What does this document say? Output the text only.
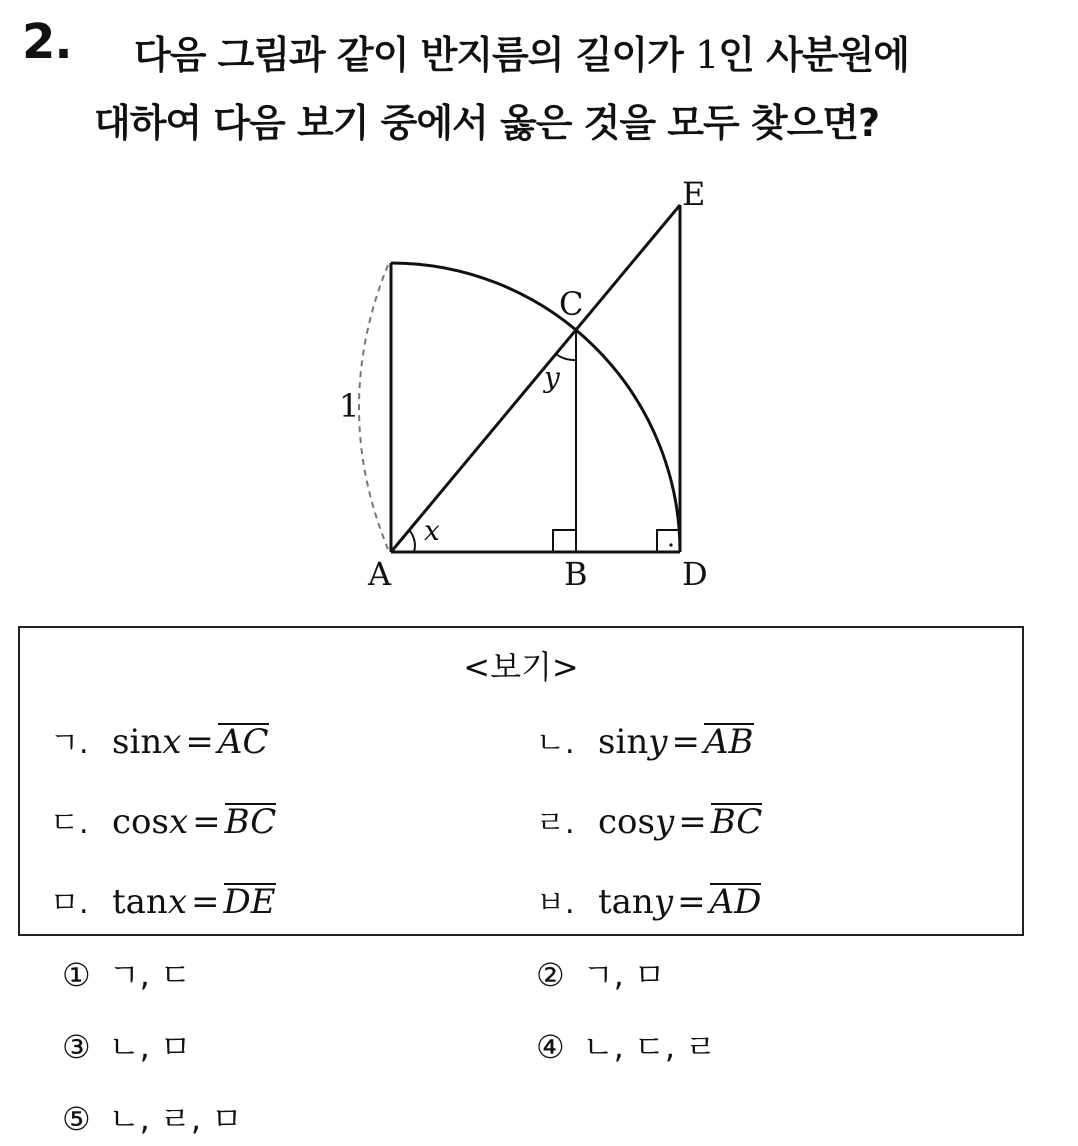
2. 다음 그림과 같이 반지름의 길이가 1인 사분원에
대하여 다음 보기 중에서 옳은 것을 모두 찾으면?
A	B
C
D
E
1
x
y
<보기>
ㄱ. sin x = AC	ㄴ. sin y = AB
ㄷ. cos x = BC	ㄹ. cos y = BC
ㅁ. tan x = DE	ㅂ. tan y = AD
① ㄱ, ㄷ	② ㄱ, ㅁ
③ ㄴ, ㅁ	④ ㄴ, ㄷ, ㄹ
⑤ ㄴ, ㄹ, ㅁ
